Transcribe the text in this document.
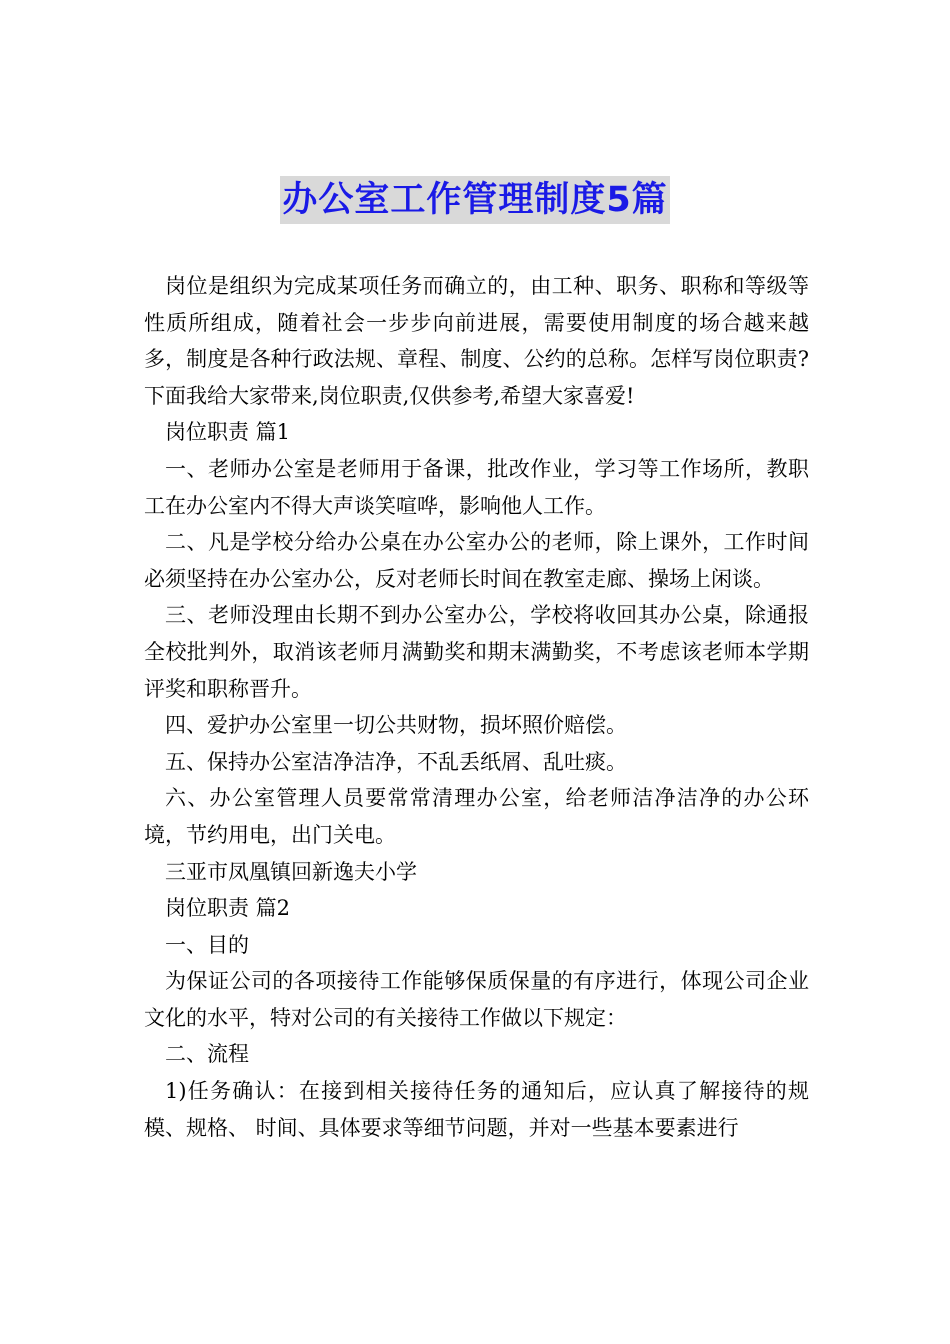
办公室工作管理制度5篇

岗位是组织为完成某项任务而确立的，由工种、职务、职称和等级等性质所组成，随着社会一步步向前进展，需要使用制度的场合越来越多，制度是各种行政法规、章程、制度、公约的总称。怎样写岗位职责?下面我给大家带来,岗位职责,仅供参考,希望大家喜爱!

岗位职责 篇1

一、老师办公室是老师用于备课，批改作业，学习等工作场所，教职工在办公室内不得大声谈笑喧哗，影响他人工作。

二、凡是学校分给办公桌在办公室办公的老师，除上课外，工作时间必须坚持在办公室办公，反对老师长时间在教室走廊、操场上闲谈。

三、老师没理由长期不到办公室办公，学校将收回其办公桌，除通报全校批判外，取消该老师月满勤奖和期末满勤奖，不考虑该老师本学期评奖和职称晋升。

四、爱护办公室里一切公共财物，损坏照价赔偿。

五、保持办公室洁净洁净，不乱丢纸屑、乱吐痰。

六、办公室管理人员要常常清理办公室，给老师洁净洁净的办公环境，节约用电，出门关电。

三亚市凤凰镇回新逸夫小学

岗位职责 篇2

一、目的

为保证公司的各项接待工作能够保质保量的有序进行，体现公司企业文化的水平，特对公司的有关接待工作做以下规定：

二、流程

1)任务确认：在接到相关接待任务的通知后，应认真了解接待的规模、规格、 时间、具体要求等细节问题，并对一些基本要素进行
